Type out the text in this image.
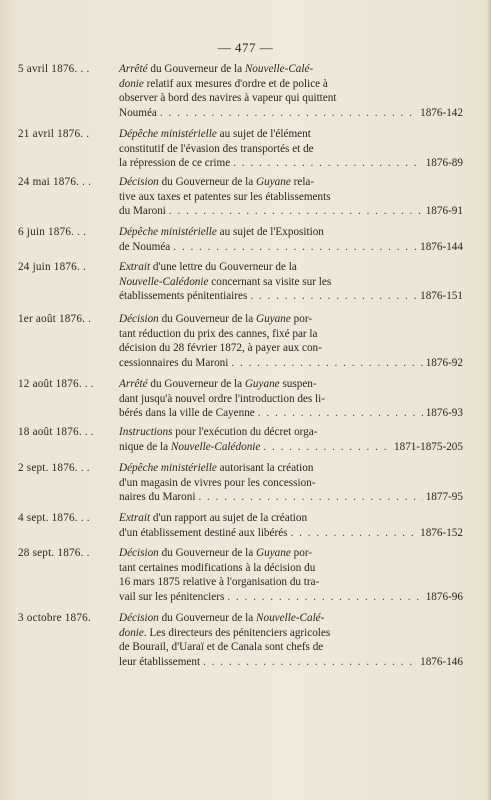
— 477 —
5 avril 1876. . .	Arrêté du Gouverneur de la Nouvelle-Calé-
donie relatif aux mesures d'ordre et de police à
observer à bord des navires à vapeur qui quittent
Nouméa . . .	1876-142
21 avril 1876. .	Dépêche ministérielle au sujet de l'élément
constitutif de l'évasion des transportés et de
la répression de ce crime . . .	1876-89
24 mai 1876. . .	Décision du Gouverneur de la Guyane rela-
tive aux taxes et patentes sur les établissements
du Maroni . . .	1876-91
6 juin 1876. . .	Dépêche ministérielle au sujet de l'Exposition
de Nouméa . . .	1876-144
24 juin 1876. .	Extrait d'une lettre du Gouverneur de la
Nouvelle-Calédonie concernant sa visite sur les
établissements pénitentiaires . . .	1876-151
1er août 1876. .	Décision du Gouverneur de la Guyane por-
tant réduction du prix des cannes, fixé par la
décision du 28 février 1872, à payer aux con-
cessionnaires du Maroni . . .	1876-92
12 août 1876. . .	Arrêté du Gouverneur de la Guyane suspen-
dant jusqu'à nouvel ordre l'introduction des li-
bérés dans la ville de Cayenne . . .	1876-93
18 août 1876. . .	Instructions pour l'exécution du décret orga-
nique de la Nouvelle-Calédonie . . .	1871-1875-205
2 sept. 1876. . .	Dépêche ministérielle autorisant la création
d'un magasin de vivres pour les concession-
naires du Maroni . . .	1877-95
4 sept. 1876. . .	Extrait d'un rapport au sujet de la création
d'un établissement destiné aux libérés . . .	1876-152
28 sept. 1876. .	Décision du Gouverneur de la Guyane por-
tant certaines modifications à la décision du
16 mars 1875 relative à l'organisation du tra-
vail sur les pénitenciers . . .	1876-96
3 octobre 1876.	Décision du Gouverneur de la Nouvelle-Calé-
donie. Les directeurs des pénitenciers agricoles
de Bourail, d'Uaraï et de Canala sont chefs de
leur établissement . . .	1876-146
